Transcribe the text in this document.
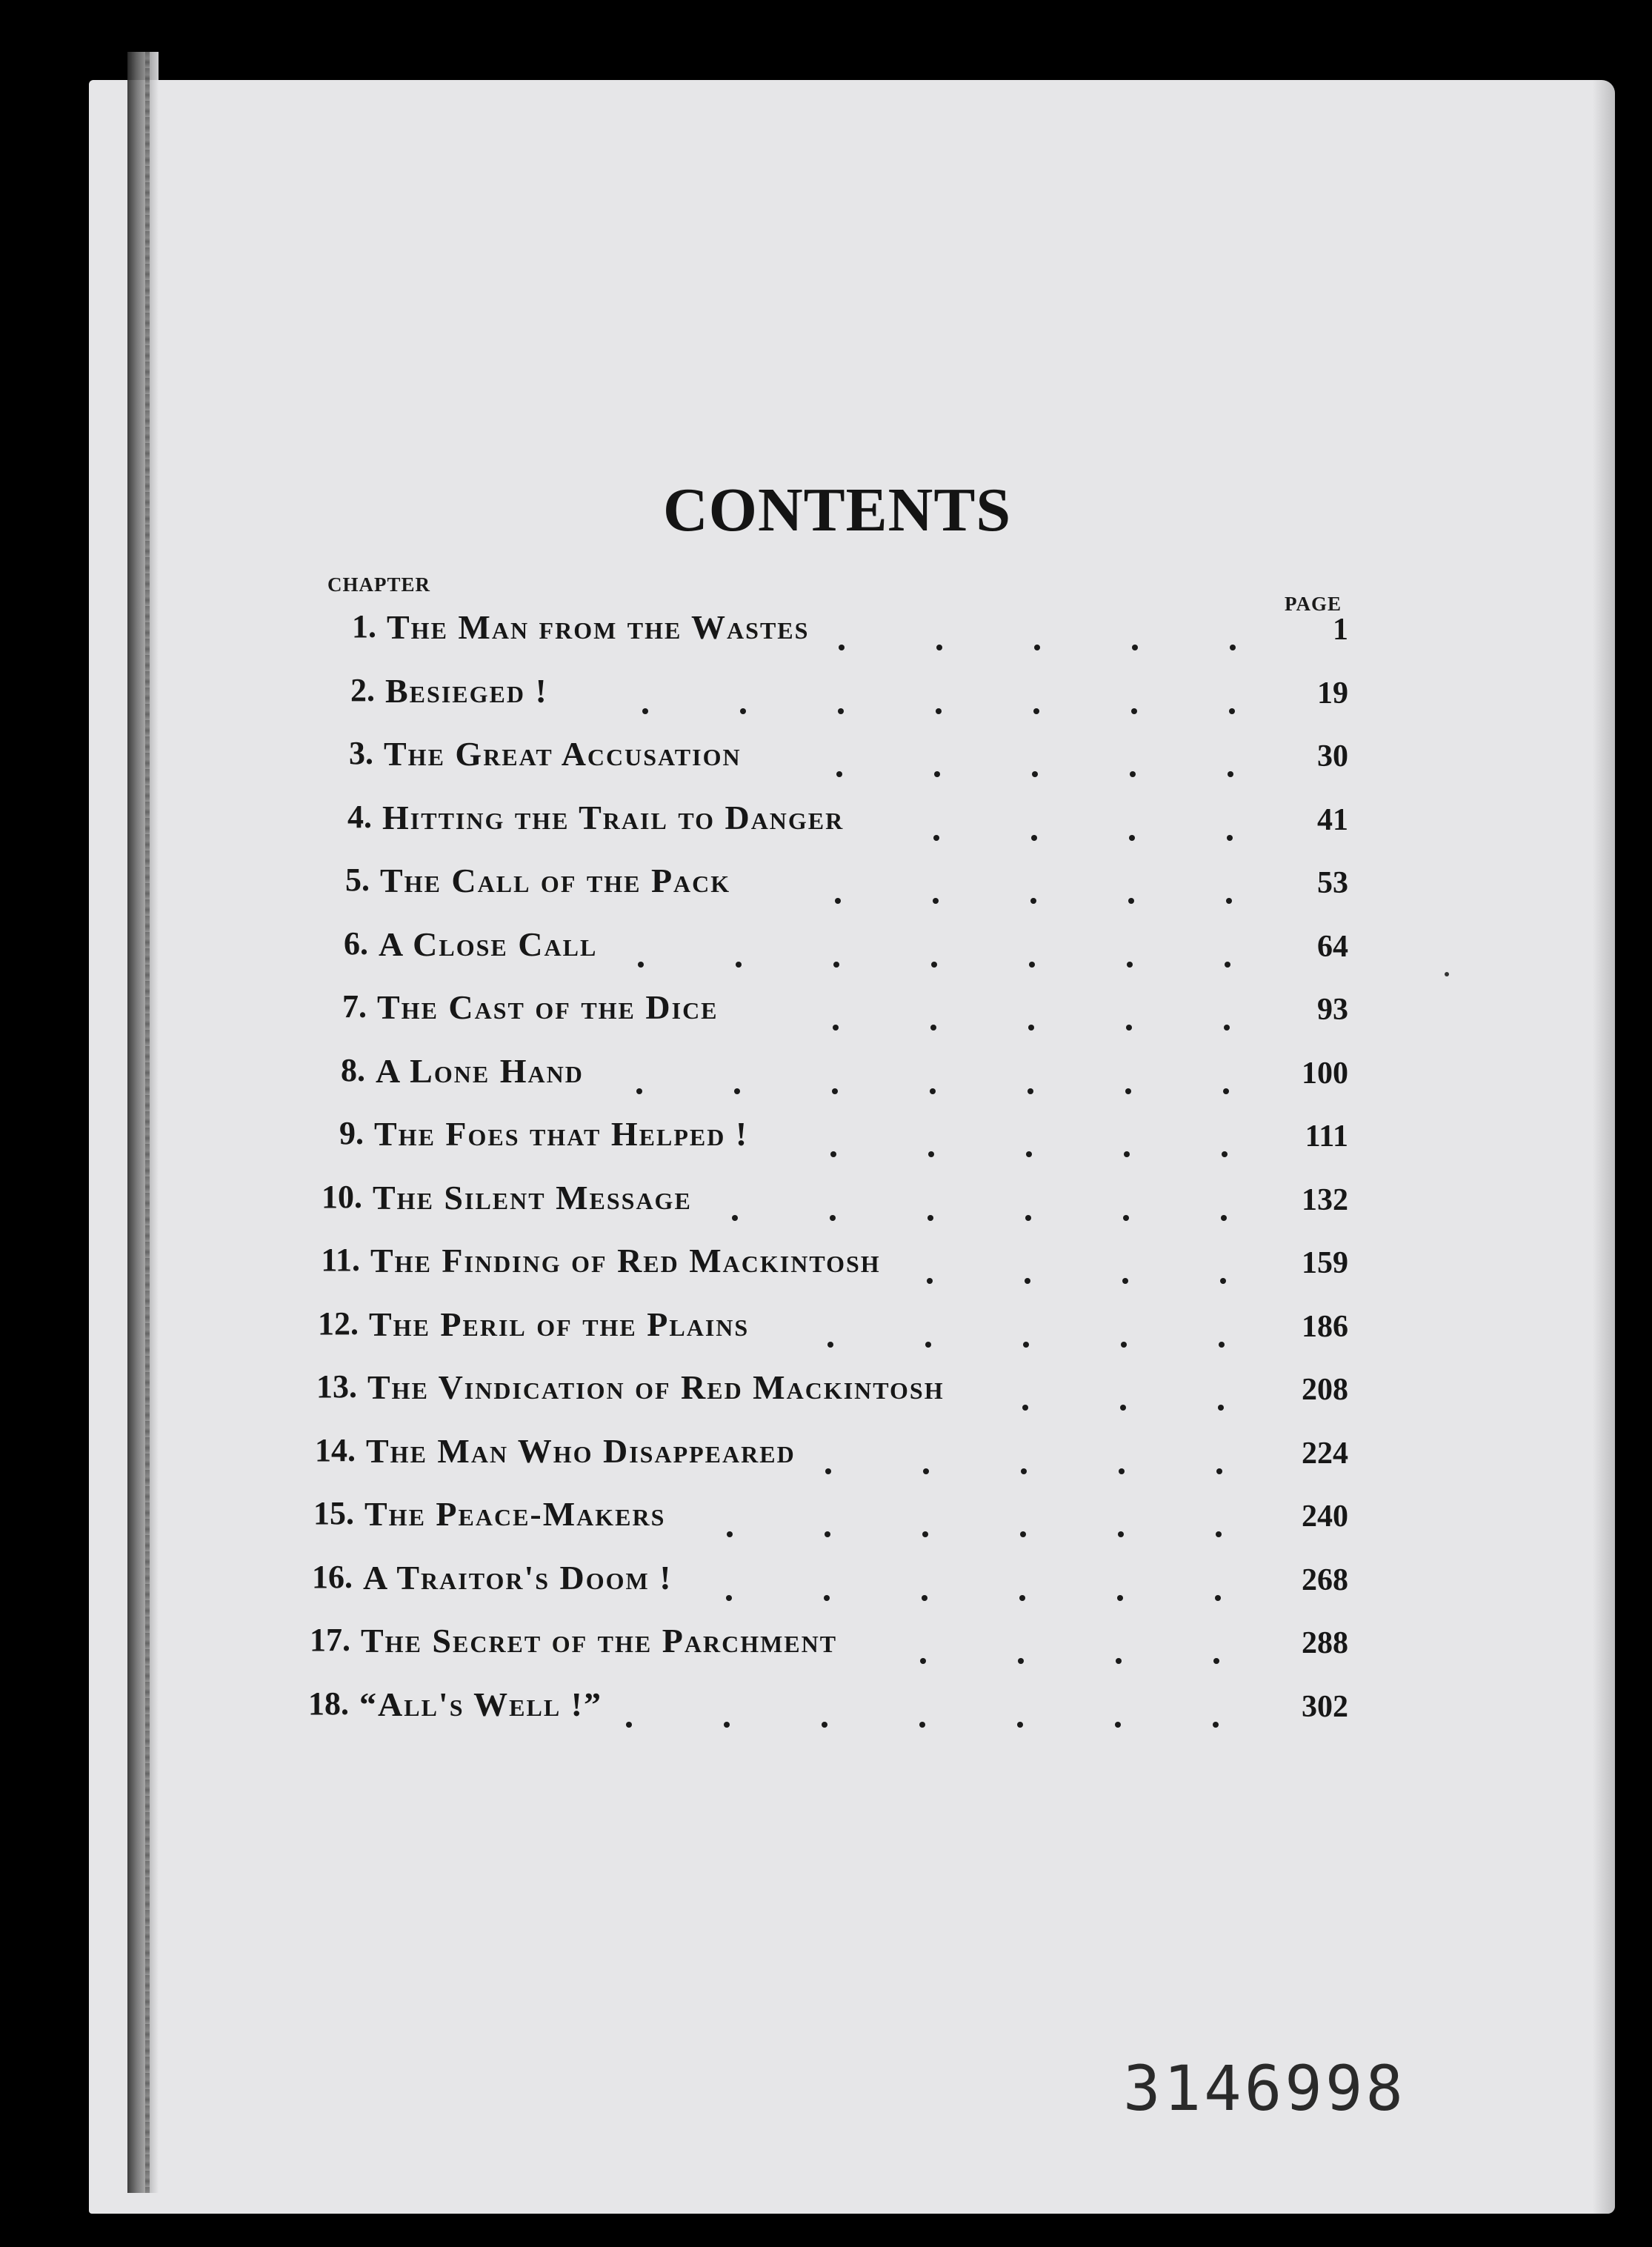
CONTENTS
CHAPTER
PAGE
1. The Man from the Wastes	1
2. Besieged !	19
3. The Great Accusation	30
4. Hitting the Trail to Danger	41
5. The Call of the Pack	53
6. A Close Call	64
7. The Cast of the Dice	93
8. A Lone Hand	100
9. The Foes that Helped !	111
10. The Silent Message	132
11. The Finding of Red Mackintosh	159
12. The Peril of the Plains	186
13. The Vindication of Red Mackintosh	208
14. The Man Who Disappeared	224
15. The Peace-Makers	240
16. A Traitor's Doom !	268
17. The Secret of the Parchment	288
18. “All's Well !”	302
3146998
